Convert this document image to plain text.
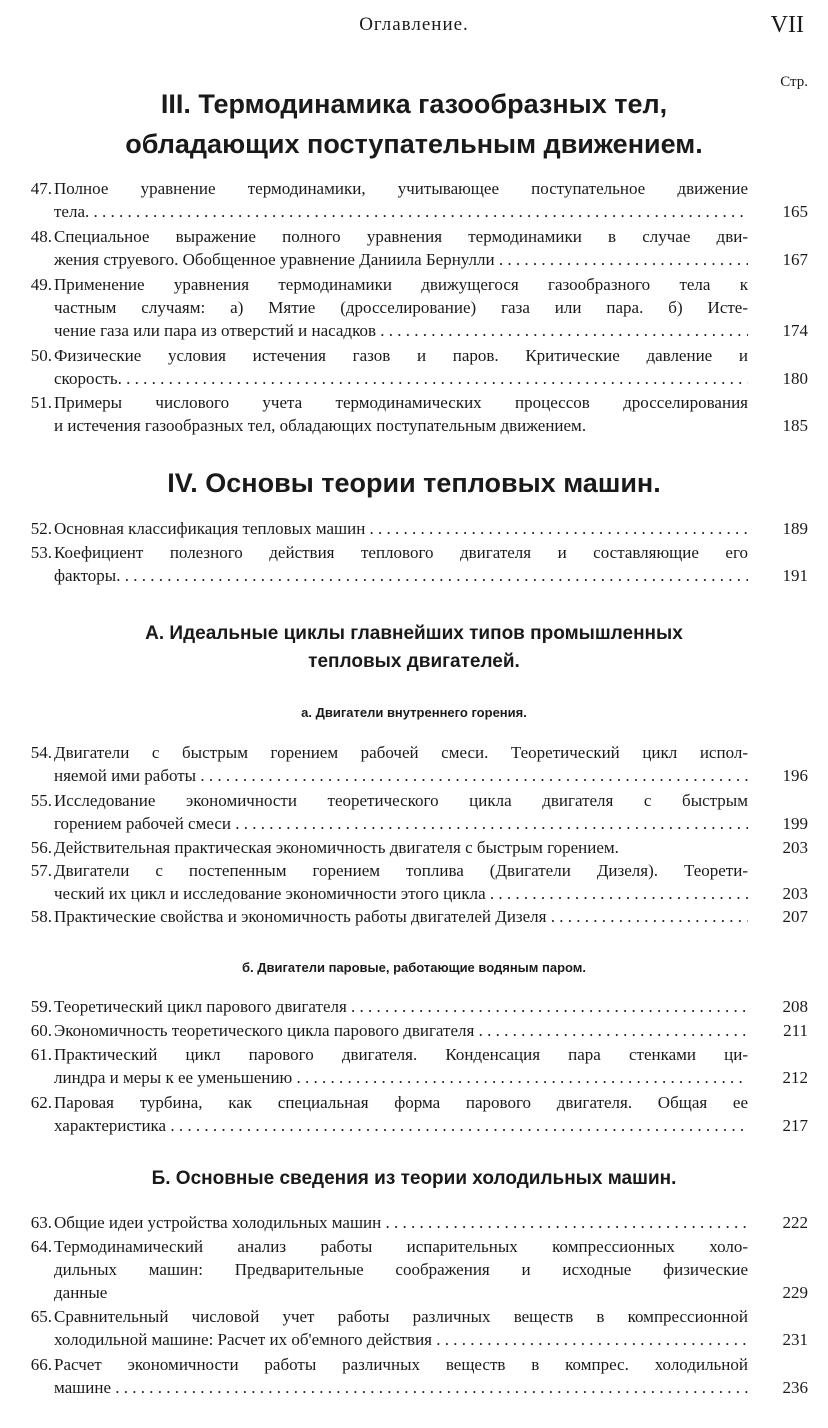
Оглавление.	VII
Стр.
III. Термодинамика газообразных тел,
обладающих поступательным движением.
47. Полное уравнение термодинамики, учитывающее поступательное движение
тела. . . .	165
48. Специальное выражение полного уравнения термодинамики в случае дви-
жения струевого. Обобщенное уравнение Даниила Бернулли . . .	167
49. Применение уравнения термодинамики движущегося газообразного тела к
частным случаям: а) Мятие (дросселирование) газа или пара. б) Исте-
чение газа или пара из отверстий и насадков . . .	174
50. Физические условия истечения газов и паров. Критические давление и
скорость. . . .	180
51. Примеры числового учета термодинамических процессов дросселирования
и истечения газообразных тел, обладающих поступательным движением.	185
IV. Основы теории тепловых машин.
52. Основная классификация тепловых машин . . .	189
53. Коефициент полезного действия теплового двигателя и составляющие его
факторы. . . .	191
А. Идеальные циклы главнейших типов промышленных
тепловых двигателей.
а. Двигатели внутреннего горения.
54. Двигатели с быстрым горением рабочей смеси. Теоретический цикл испол-
няемой ими работы . . .	196
55. Исследование экономичности теоретического цикла двигателя с быстрым
горением рабочей смеси . . .	199
56. Действительная практическая экономичность двигателя с быстрым горением.	203
57. Двигатели с постепенным горением топлива (Двигатели Дизеля). Теорети-
ческий их цикл и исследование экономичности этого цикла . . .	203
58. Практические свойства и экономичность работы двигателей Дизеля . . .	207
б. Двигатели паровые, работающие водяным паром.
59. Теоретический цикл парового двигателя . . .	208
60. Экономичность теоретического цикла парового двигателя . . .	211
61. Практический цикл парового двигателя. Конденсация пара стенками ци-
линдра и меры к ее уменьшению . . .	212
62. Паровая турбина, как специальная форма парового двигателя. Общая ее
характеристика . . .	217
Б. Основные сведения из теории холодильных машин.
63. Общие идеи устройства холодильных машин . . .	222
64. Термодинамический анализ работы испарительных компрессионных холо-
дильных машин: Предварительные соображения и исходные физические
данные	229
65. Сравнительный числовой учет работы различных веществ в компрессионной
холодильной машине: Расчет их об'емного действия . . .	231
66. Расчет экономичности работы различных веществ в компрес. холодильной
машине . . .	236
